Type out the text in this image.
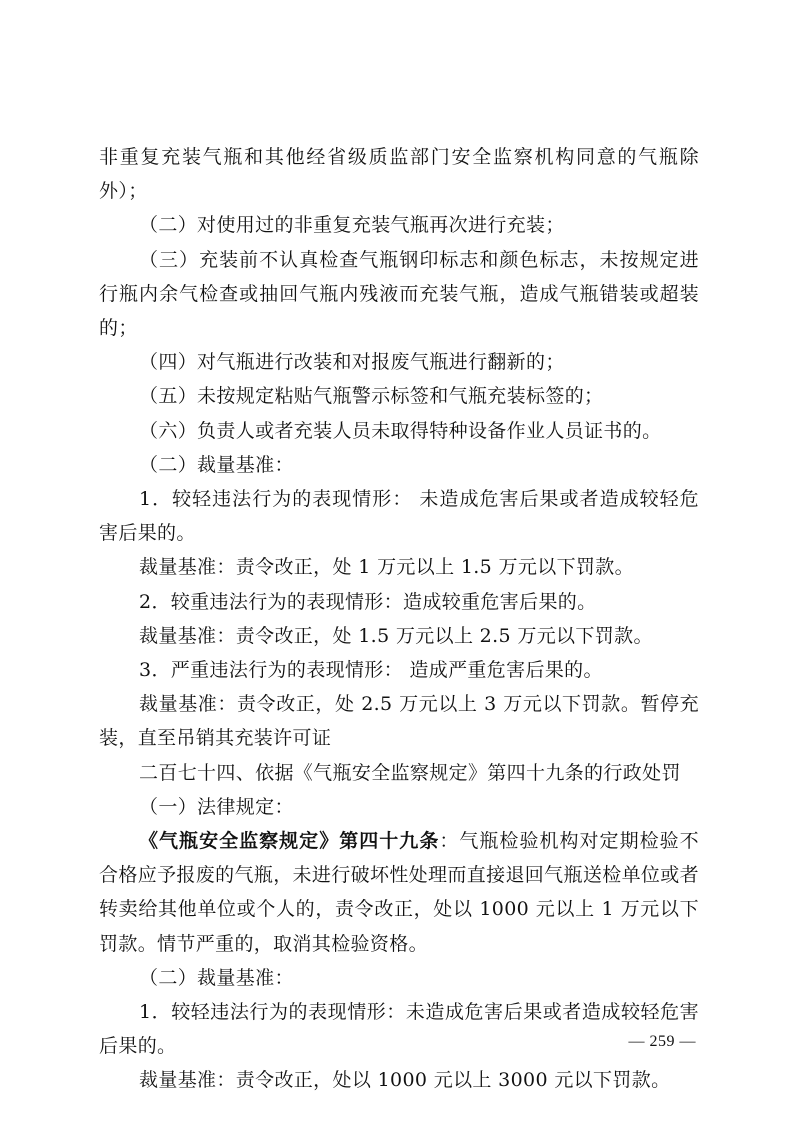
非重复充装气瓶和其他经省级质监部门安全监察机构同意的气瓶除外）；

（二）对使用过的非重复充装气瓶再次进行充装；

（三）充装前不认真检查气瓶钢印标志和颜色标志，未按规定进行瓶内余气检查或抽回气瓶内残液而充装气瓶，造成气瓶错装或超装的；

（四）对气瓶进行改装和对报废气瓶进行翻新的；

（五）未按规定粘贴气瓶警示标签和气瓶充装标签的；

（六）负责人或者充装人员未取得特种设备作业人员证书的。

（二）裁量基准：

1．较轻违法行为的表现情形： 未造成危害后果或者造成较轻危害后果的。

裁量基准：责令改正，处 1 万元以上 1.5 万元以下罚款。

2．较重违法行为的表现情形：造成较重危害后果的。

裁量基准：责令改正，处 1.5 万元以上 2.5 万元以下罚款。

3．严重违法行为的表现情形： 造成严重危害后果的。

裁量基准：责令改正，处 2.5 万元以上 3 万元以下罚款。暂停充装，直至吊销其充装许可证

二百七十四、依据《气瓶安全监察规定》第四十九条的行政处罚

（一）法律规定：

《气瓶安全监察规定》第四十九条：气瓶检验机构对定期检验不合格应予报废的气瓶，未进行破坏性处理而直接退回气瓶送检单位或者转卖给其他单位或个人的，责令改正，处以 1000 元以上 1 万元以下罚款。情节严重的，取消其检验资格。

（二）裁量基准：

1．较轻违法行为的表现情形：未造成危害后果或者造成较轻危害后果的。

裁量基准：责令改正，处以 1000 元以上 3000 元以下罚款。

— 259 —
